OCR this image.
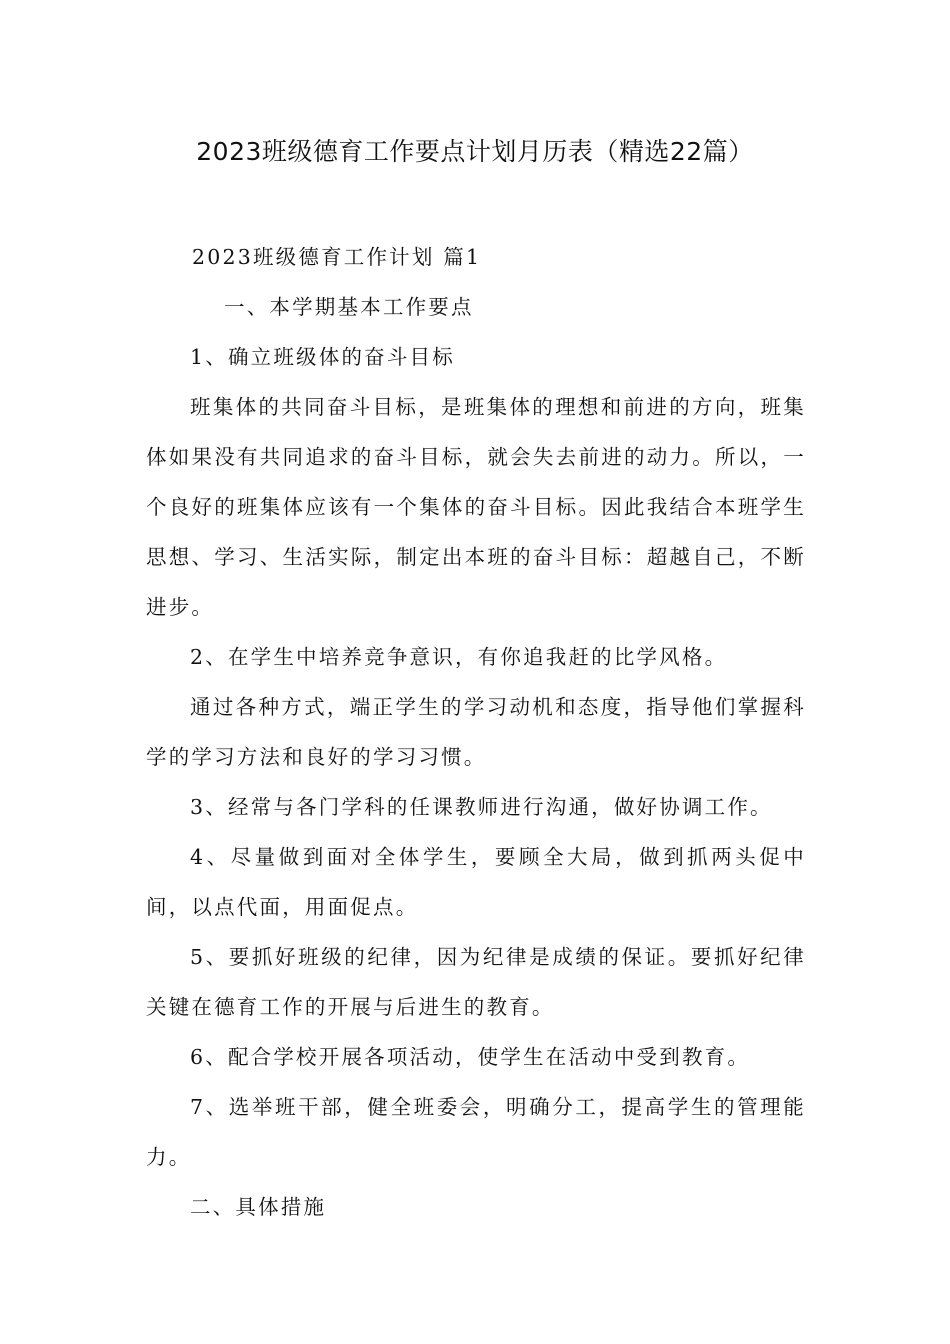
2023班级德育工作要点计划月历表（精选22篇）

2023班级德育工作计划 篇1

一、本学期基本工作要点

1、确立班级体的奋斗目标

班集体的共同奋斗目标，是班集体的理想和前进的方向，班集体如果没有共同追求的奋斗目标，就会失去前进的动力。所以，一个良好的班集体应该有一个集体的奋斗目标。因此我结合本班学生思想、学习、生活实际，制定出本班的奋斗目标：超越自己，不断进步。

2、在学生中培养竞争意识，有你追我赶的比学风格。

通过各种方式，端正学生的学习动机和态度，指导他们掌握科学的学习方法和良好的学习习惯。

3、经常与各门学科的任课教师进行沟通，做好协调工作。

4、尽量做到面对全体学生，要顾全大局，做到抓两头促中间，以点代面，用面促点。

5、要抓好班级的纪律，因为纪律是成绩的保证。要抓好纪律关键在德育工作的开展与后进生的教育。

6、配合学校开展各项活动，使学生在活动中受到教育。

7、选举班干部，健全班委会，明确分工，提高学生的管理能力。

二、具体措施
